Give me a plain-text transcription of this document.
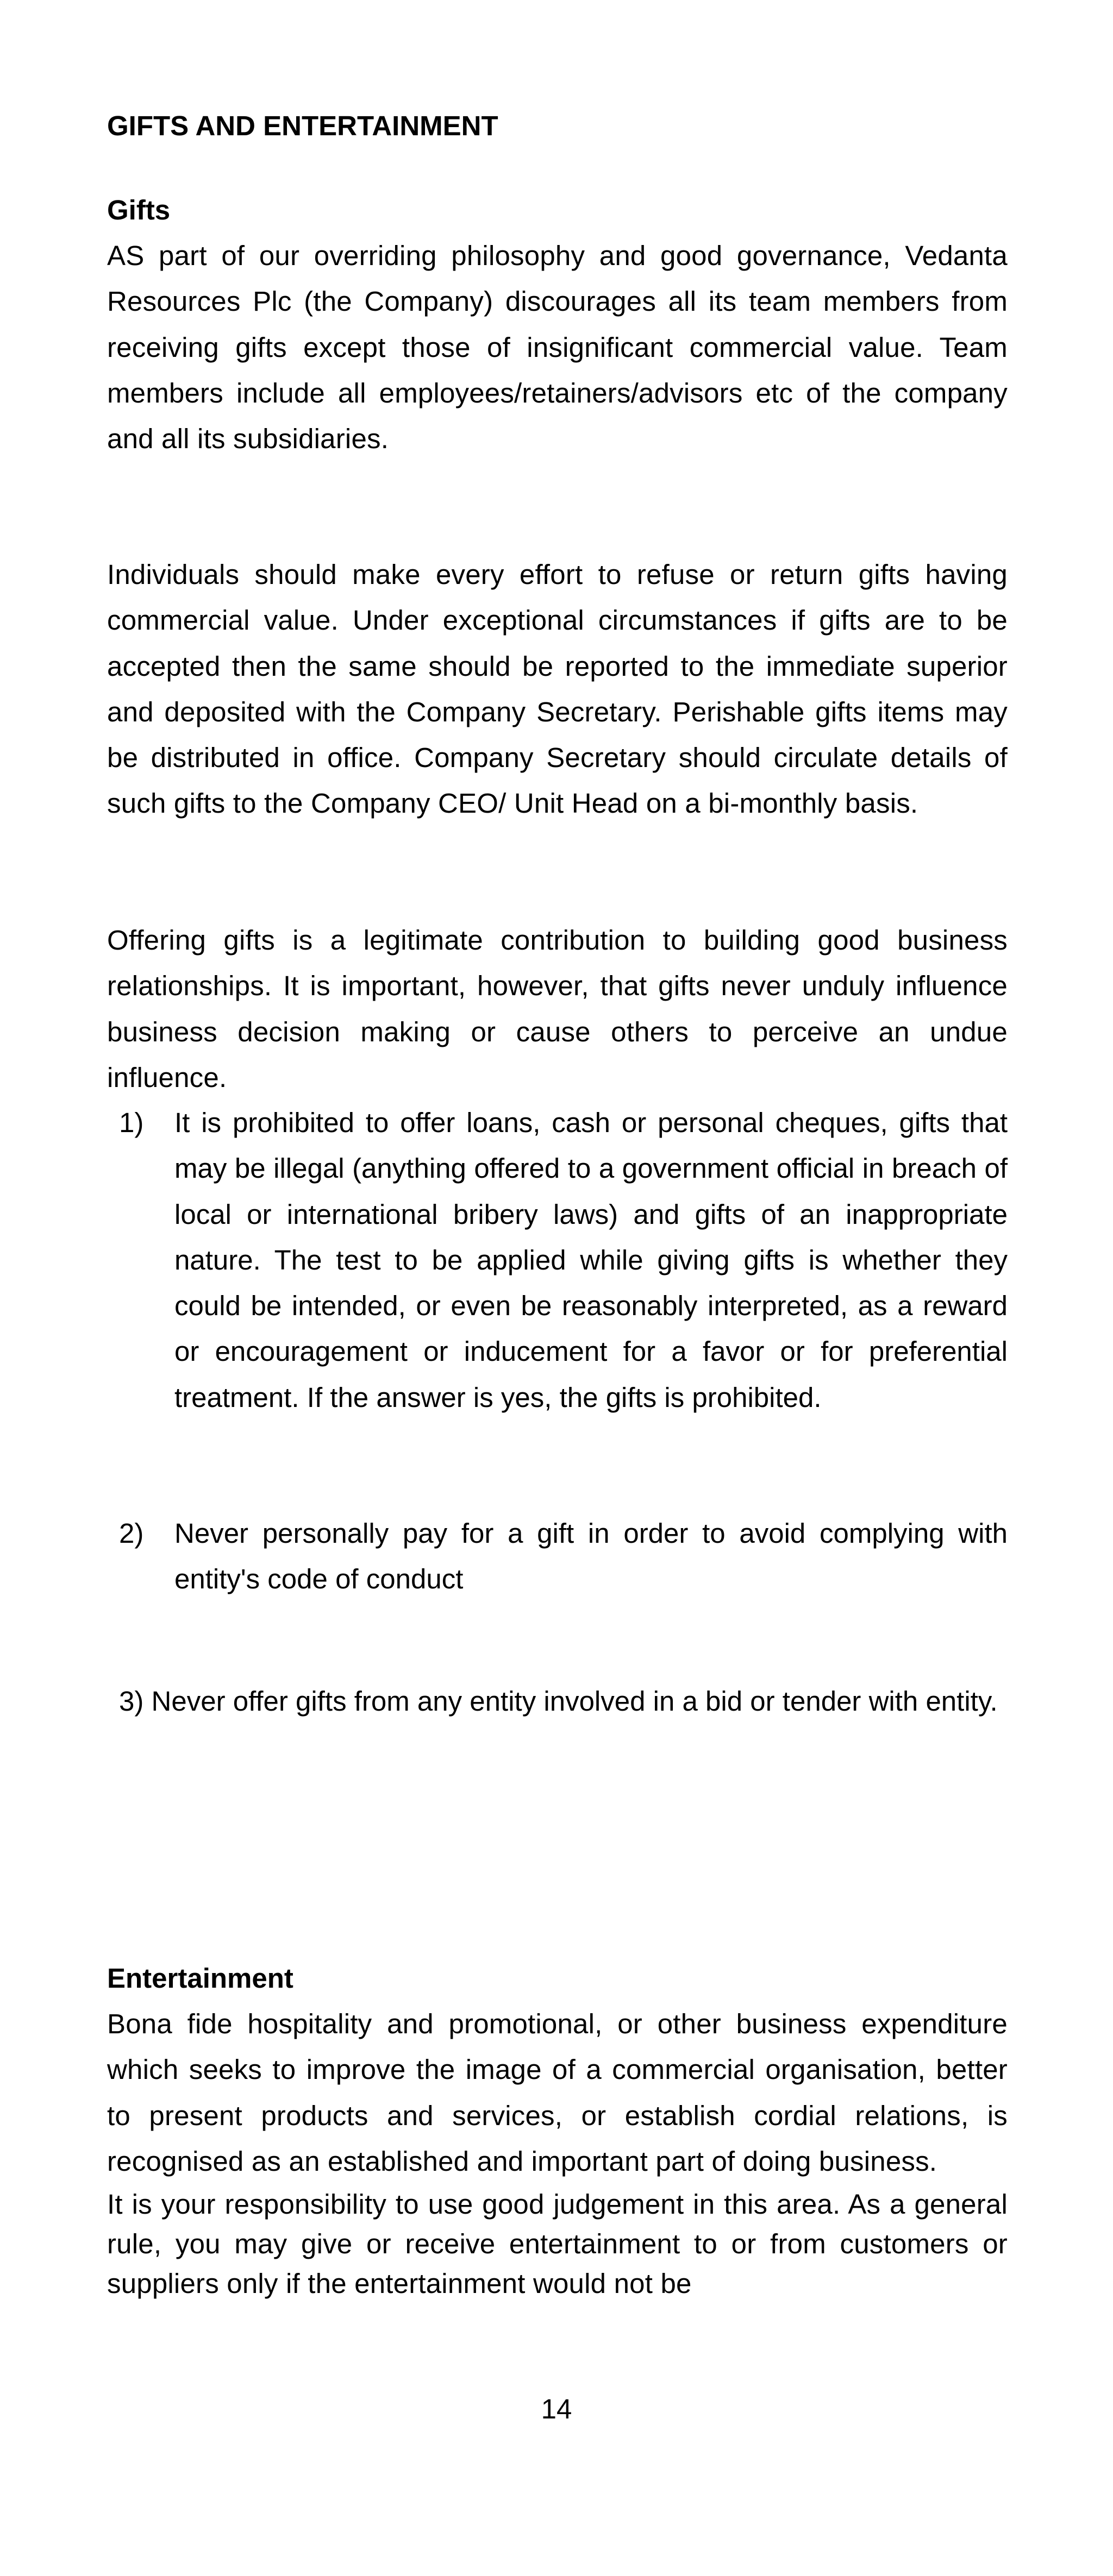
GIFTS AND ENTERTAINMENT

Gifts

AS part of our overriding philosophy and good governance, Vedanta Resources Plc (the Company) discourages all its team members from receiving gifts except those of insignificant commercial value. Team members include all employees/retainers/advisors etc of the company and all its subsidiaries.

Individuals should make every effort to refuse or return gifts having commercial value. Under exceptional circumstances if gifts are to be accepted then the same should be reported to the immediate superior and deposited with the Company Secretary. Perishable gifts items may be distributed in office. Company Secretary should circulate details of such gifts to the Company CEO/ Unit Head on a bi-monthly basis.

Offering gifts is a legitimate contribution to building good business relationships. It is important, however, that gifts never unduly influence business decision making or cause others to perceive an undue influence.

1) It is prohibited to offer loans, cash or personal cheques, gifts that may be illegal (anything offered to a government official in breach of local or international bribery laws) and gifts of an inappropriate nature. The test to be applied while giving gifts is whether they could be intended, or even be reasonably interpreted, as a reward or encouragement or inducement for a favor or for preferential treatment. If the answer is yes, the gifts is prohibited.
2) Never personally pay for a gift in order to avoid complying with entity's code of conduct
3) Never offer gifts from any entity involved in a bid or tender with entity.

Entertainment

Bona fide hospitality and promotional, or other business expenditure which seeks to improve the image of a commercial organisation, better to present products and services, or establish cordial relations, is recognised as an established and important part of doing business.

It is your responsibility to use good judgement in this area. As a general rule, you may give or receive entertainment to or from customers or suppliers only if the entertainment would not be

14
